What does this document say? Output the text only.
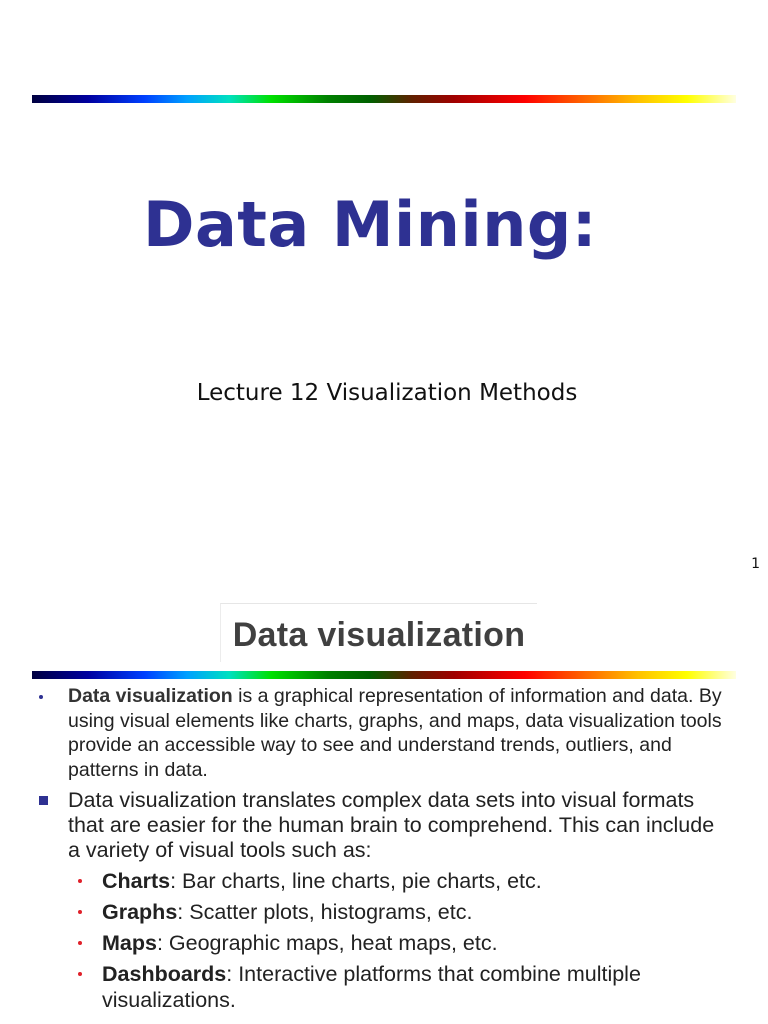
Data Mining:
Lecture 12 Visualization Methods
1
Data visualization
Data visualization is a graphical representation of information and data. By using visual elements like charts, graphs, and maps, data visualization tools provide an accessible way to see and understand trends, outliers, and patterns in data.
Data visualization translates complex data sets into visual formats that are easier for the human brain to comprehend. This can include a variety of visual tools such as:
Charts: Bar charts, line charts, pie charts, etc.
Graphs: Scatter plots, histograms, etc.
Maps: Geographic maps, heat maps, etc.
Dashboards: Interactive platforms that combine multiple visualizations.
